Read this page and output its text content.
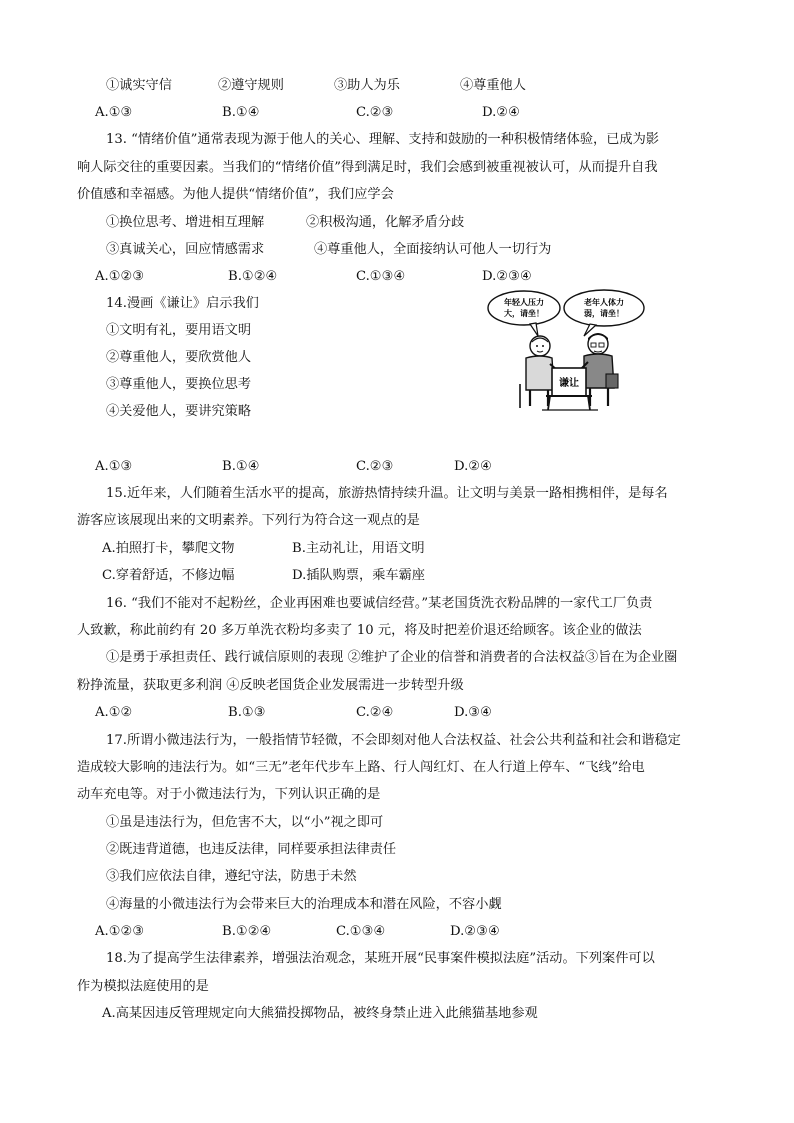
①诚实守信	②遵守规则	③助人为乐	④尊重他人
A.①③	B.①④	C.②③	D.②④
13. “情绪价值”通常表现为源于他人的关心、理解、支持和鼓励的一种积极情绪体验，已成为影
响人际交往的重要因素。当我们的“情绪价值”得到满足时，我们会感到被重视被认可，从而提升自我
价值感和幸福感。为他人提供“情绪价值”，我们应学会
①换位思考、增进相互理解	②积极沟通，化解矛盾分歧
③真诚关心，回应情感需求	④尊重他人，全面接纳认可他人一切行为
A.①②③	B.①②④	C.①③④	D.②③④
14.漫画《谦让》启示我们
①文明有礼，要用语文明
②尊重他人，要欣赏他人
③尊重他人，要换位思考
④关爱他人，要讲究策略
年轻人压力
大，请坐！
老年人体力
弱，请坐！
谦让
A.①③	B.①④	C.②③	D.②④
15.近年来，人们随着生活水平的提高，旅游热情持续升温。让文明与美景一路相携相伴，是每名
游客应该展现出来的文明素养。下列行为符合这一观点的是
A.拍照打卡，攀爬文物	B.主动礼让，用语文明
C.穿着舒适，不修边幅	D.插队购票，乘车霸座
16. “我们不能对不起粉丝，企业再困难也要诚信经营。”某老国货洗衣粉品牌的一家代工厂负责
人致歉，称此前约有 20 多万单洗衣粉均多卖了 10 元，将及时把差价退还给顾客。该企业的做法
①是勇于承担责任、践行诚信原则的表现 ②维护了企业的信誉和消费者的合法权益③旨在为企业圈
粉挣流量，获取更多利润 ④反映老国货企业发展需进一步转型升级
A.①②	B.①③	C.②④	D.③④
17.所谓小微违法行为，一般指情节轻微，不会即刻对他人合法权益、社会公共利益和社会和谐稳定
造成较大影响的违法行为。如“三无”老年代步车上路、行人闯红灯、在人行道上停车、“飞线”给电
动车充电等。对于小微违法行为，下列认识正确的是
①虽是违法行为，但危害不大，以“小”视之即可
②既违背道德，也违反法律，同样要承担法律责任
③我们应依法自律，遵纪守法，防患于未然
④海量的小微违法行为会带来巨大的治理成本和潜在风险，不容小觑
A.①②③	B.①②④	C.①③④	D.②③④
18.为了提高学生法律素养，增强法治观念，某班开展“民事案件模拟法庭”活动。下列案件可以
作为模拟法庭使用的是
A.高某因违反管理规定向大熊猫投掷物品，被终身禁止进入此熊猫基地参观
